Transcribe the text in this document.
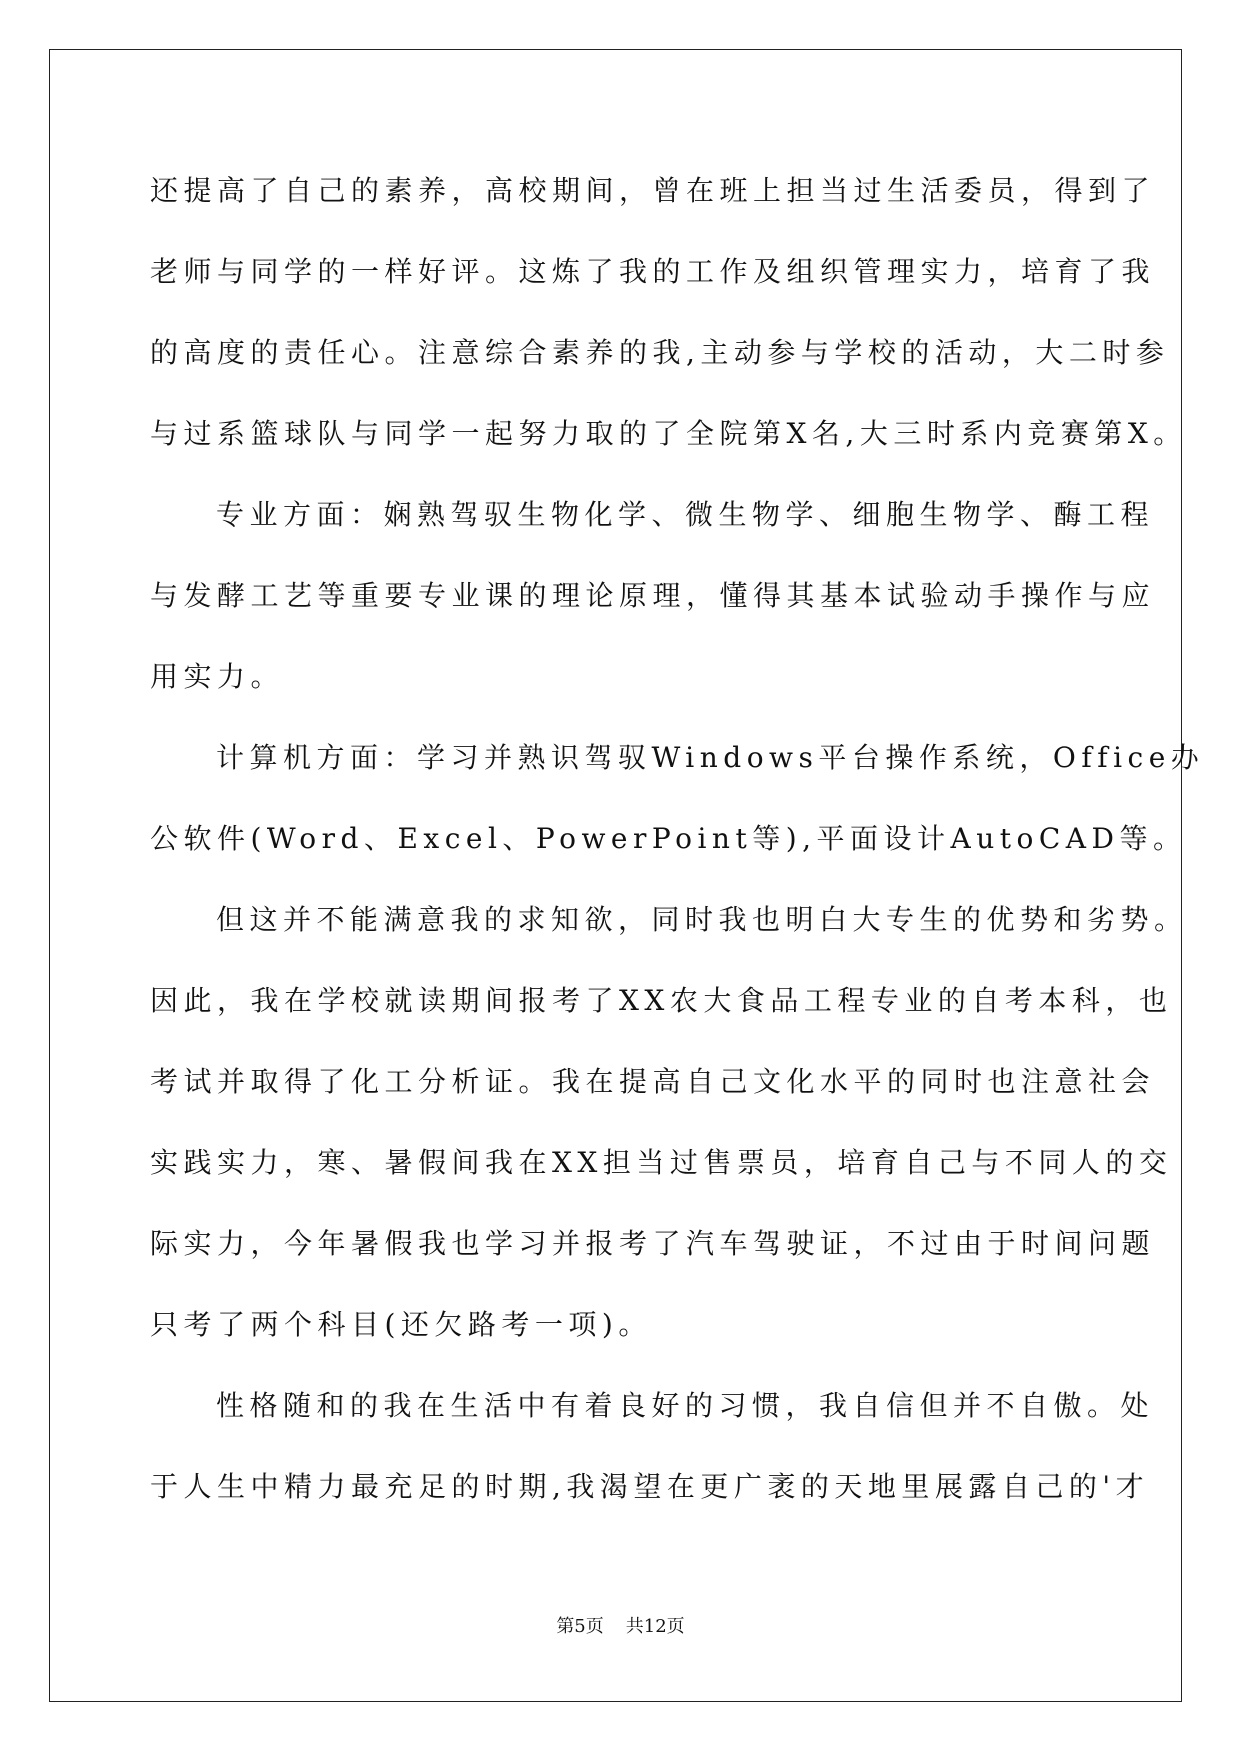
还提高了自己的素养，高校期间，曾在班上担当过生活委员，得到了
老师与同学的一样好评。这炼了我的工作及组织管理实力，培育了我
的高度的责任心。注意综合素养的我,主动参与学校的活动，大二时参
与过系篮球队与同学一起努力取的了全院第X名,大三时系内竞赛第X。
专业方面：娴熟驾驭生物化学、微生物学、细胞生物学、酶工程
与发酵工艺等重要专业课的理论原理，懂得其基本试验动手操作与应
用实力。
计算机方面：学习并熟识驾驭Windows平台操作系统，Office办
公软件(Word、Excel、PowerPoint等),平面设计AutoCAD等。
但这并不能满意我的求知欲，同时我也明白大专生的优势和劣势。
因此，我在学校就读期间报考了XX农大食品工程专业的自考本科，也
考试并取得了化工分析证。我在提高自己文化水平的同时也注意社会
实践实力，寒、暑假间我在XX担当过售票员，培育自己与不同人的交
际实力，今年暑假我也学习并报考了汽车驾驶证，不过由于时间问题
只考了两个科目(还欠路考一项)。
性格随和的我在生活中有着良好的习惯，我自信但并不自傲。处
于人生中精力最充足的时期,我渴望在更广袤的天地里展露自己的'才
第5页 共12页
